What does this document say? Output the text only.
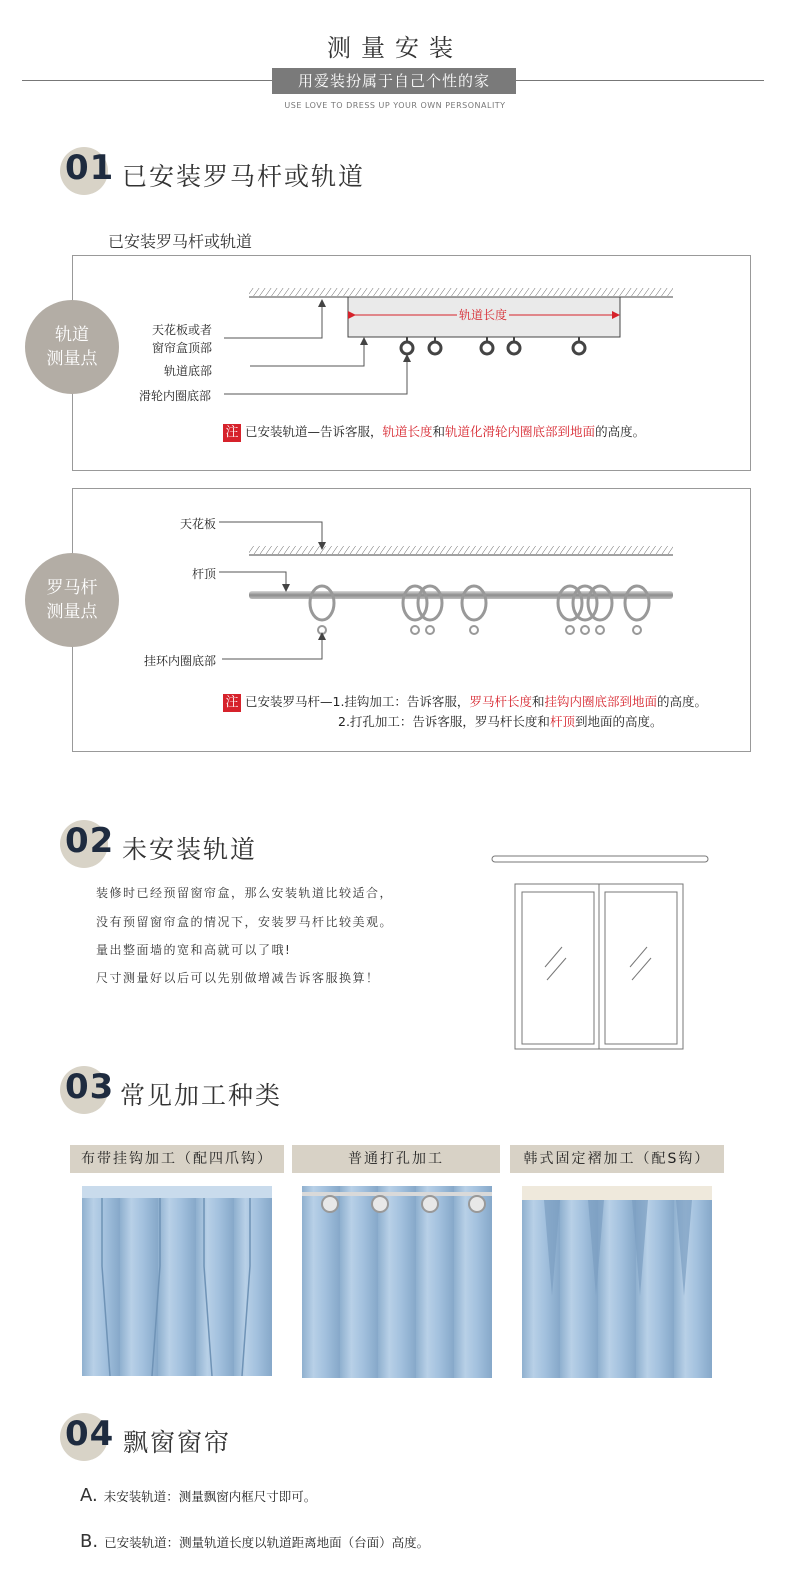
测量安装
用爱装扮属于自己个性的家
USE LOVE TO DRESS UP YOUR OWN PERSONALITY
01 已安装罗马杆或轨道
已安装罗马杆或轨道
轨道
测量点
轨道长度
天花板或者
窗帘盒顶部
轨道底部
滑轮内圈底部
注 已安装轨道—告诉客服，轨道长度和轨道化滑轮内圈底部到地面的高度。
罗马杆
测量点
天花板
杆顶
挂环内圈底部
注 已安装罗马杆—1.挂钩加工：告诉客服，罗马杆长度和挂钩内圈底部到地面的高度。
2.打孔加工：告诉客服，罗马杆长度和杆顶到地面的高度。
02 未安装轨道
装修时已经预留窗帘盒，那么安装轨道比较适合，
没有预留窗帘盒的情况下，安装罗马杆比较美观。
量出整面墙的宽和高就可以了哦!
尺寸测量好以后可以先别做增减告诉客服换算！
03 常见加工种类
布带挂钩加工（配四爪钩）	普通打孔加工	韩式固定褶加工（配S钩）
04 飘窗窗帘
A. 未安装轨道：测量飘窗内框尺寸即可。
B. 已安装轨道：测量轨道长度以轨道距离地面（台面）高度。
